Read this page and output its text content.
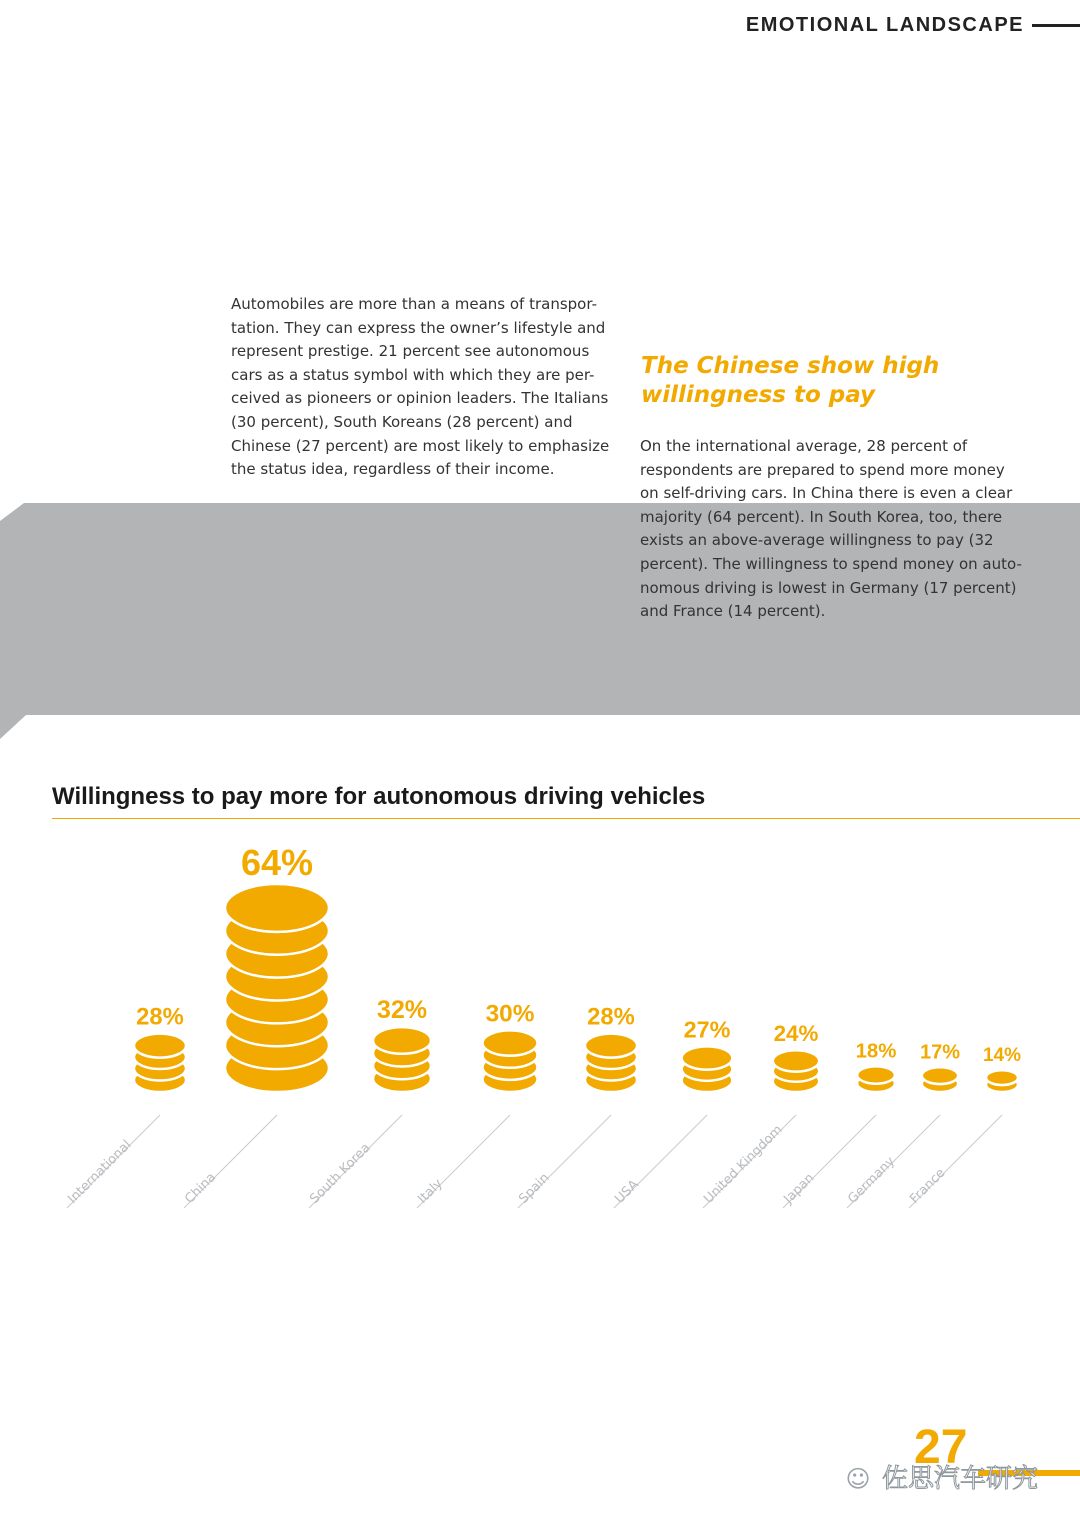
EMOTIONAL LANDSCAPE

Automobiles are more than a means of transpor-
tation. They can express the owner’s lifestyle and
represent prestige. 21 percent see autonomous
cars as a status symbol with which they are per-
ceived as pioneers or opinion leaders. The Italians
(30 percent), South Koreans (28 percent) and
Chinese (27 percent) are most likely to emphasize
the status idea, regardless of their income.

The Chinese show high
willingness to pay

On the international average, 28 percent of
respondents are prepared to spend more money
on self-driving cars. In China there is even a clear
majority (64 percent). In South Korea, too, there
exists an above-average willingness to pay (32
percent). The willingness to spend money on auto-
nomous driving is lowest in Germany (17 percent)
and France (14 percent).

Willingness to pay more for autonomous driving vehicles
28%
International
64%
China
32%
South Korea
30%
Italy
28%
Spain
27%
USA
24%
United Kingdom
18%
Japan
17%
Germany
14%
France
27
☺ 佐思汽车研究
